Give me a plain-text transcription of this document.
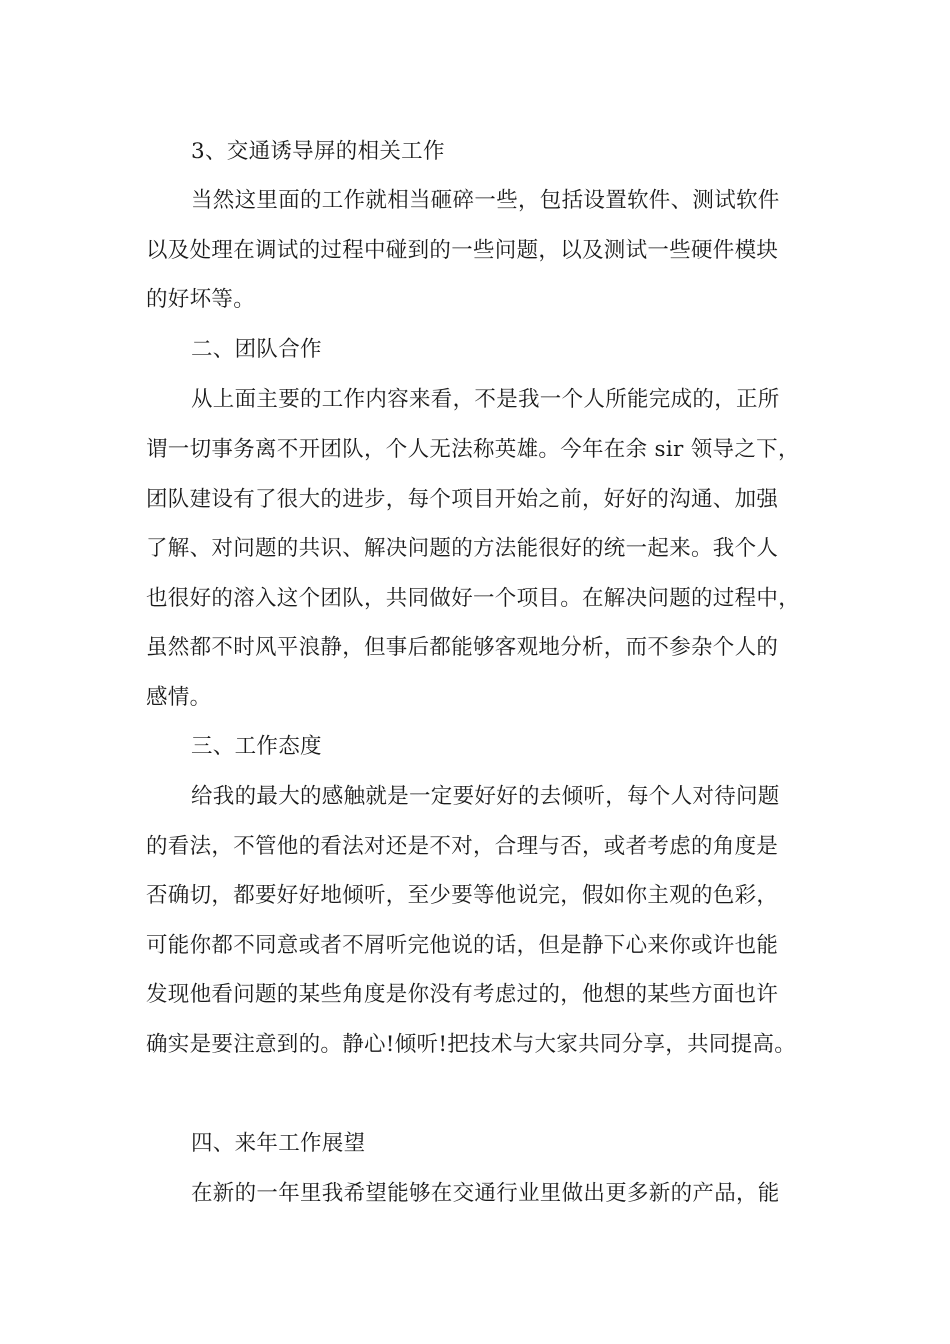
3、交通诱导屏的相关工作
当然这里面的工作就相当砸碎一些，包括设置软件、测试软件
以及处理在调试的过程中碰到的一些问题，以及测试一些硬件模块
的好坏等。
二、团队合作
从上面主要的工作内容来看，不是我一个人所能完成的，正所
谓一切事务离不开团队，个人无法称英雄。今年在余 sir 领导之下，
团队建设有了很大的进步，每个项目开始之前，好好的沟通、加强
了解、对问题的共识、解决问题的方法能很好的统一起来。我个人
也很好的溶入这个团队，共同做好一个项目。在解决问题的过程中，
虽然都不时风平浪静，但事后都能够客观地分析，而不参杂个人的
感情。
三、工作态度
给我的最大的感触就是一定要好好的去倾听，每个人对待问题
的看法，不管他的看法对还是不对，合理与否，或者考虑的角度是
否确切，都要好好地倾听，至少要等他说完，假如你主观的色彩，
可能你都不同意或者不屑听完他说的话，但是静下心来你或许也能
发现他看问题的某些角度是你没有考虑过的，他想的某些方面也许
确实是要注意到的。静心!倾听!把技术与大家共同分享，共同提高。
四、来年工作展望
在新的一年里我希望能够在交通行业里做出更多新的产品，能
